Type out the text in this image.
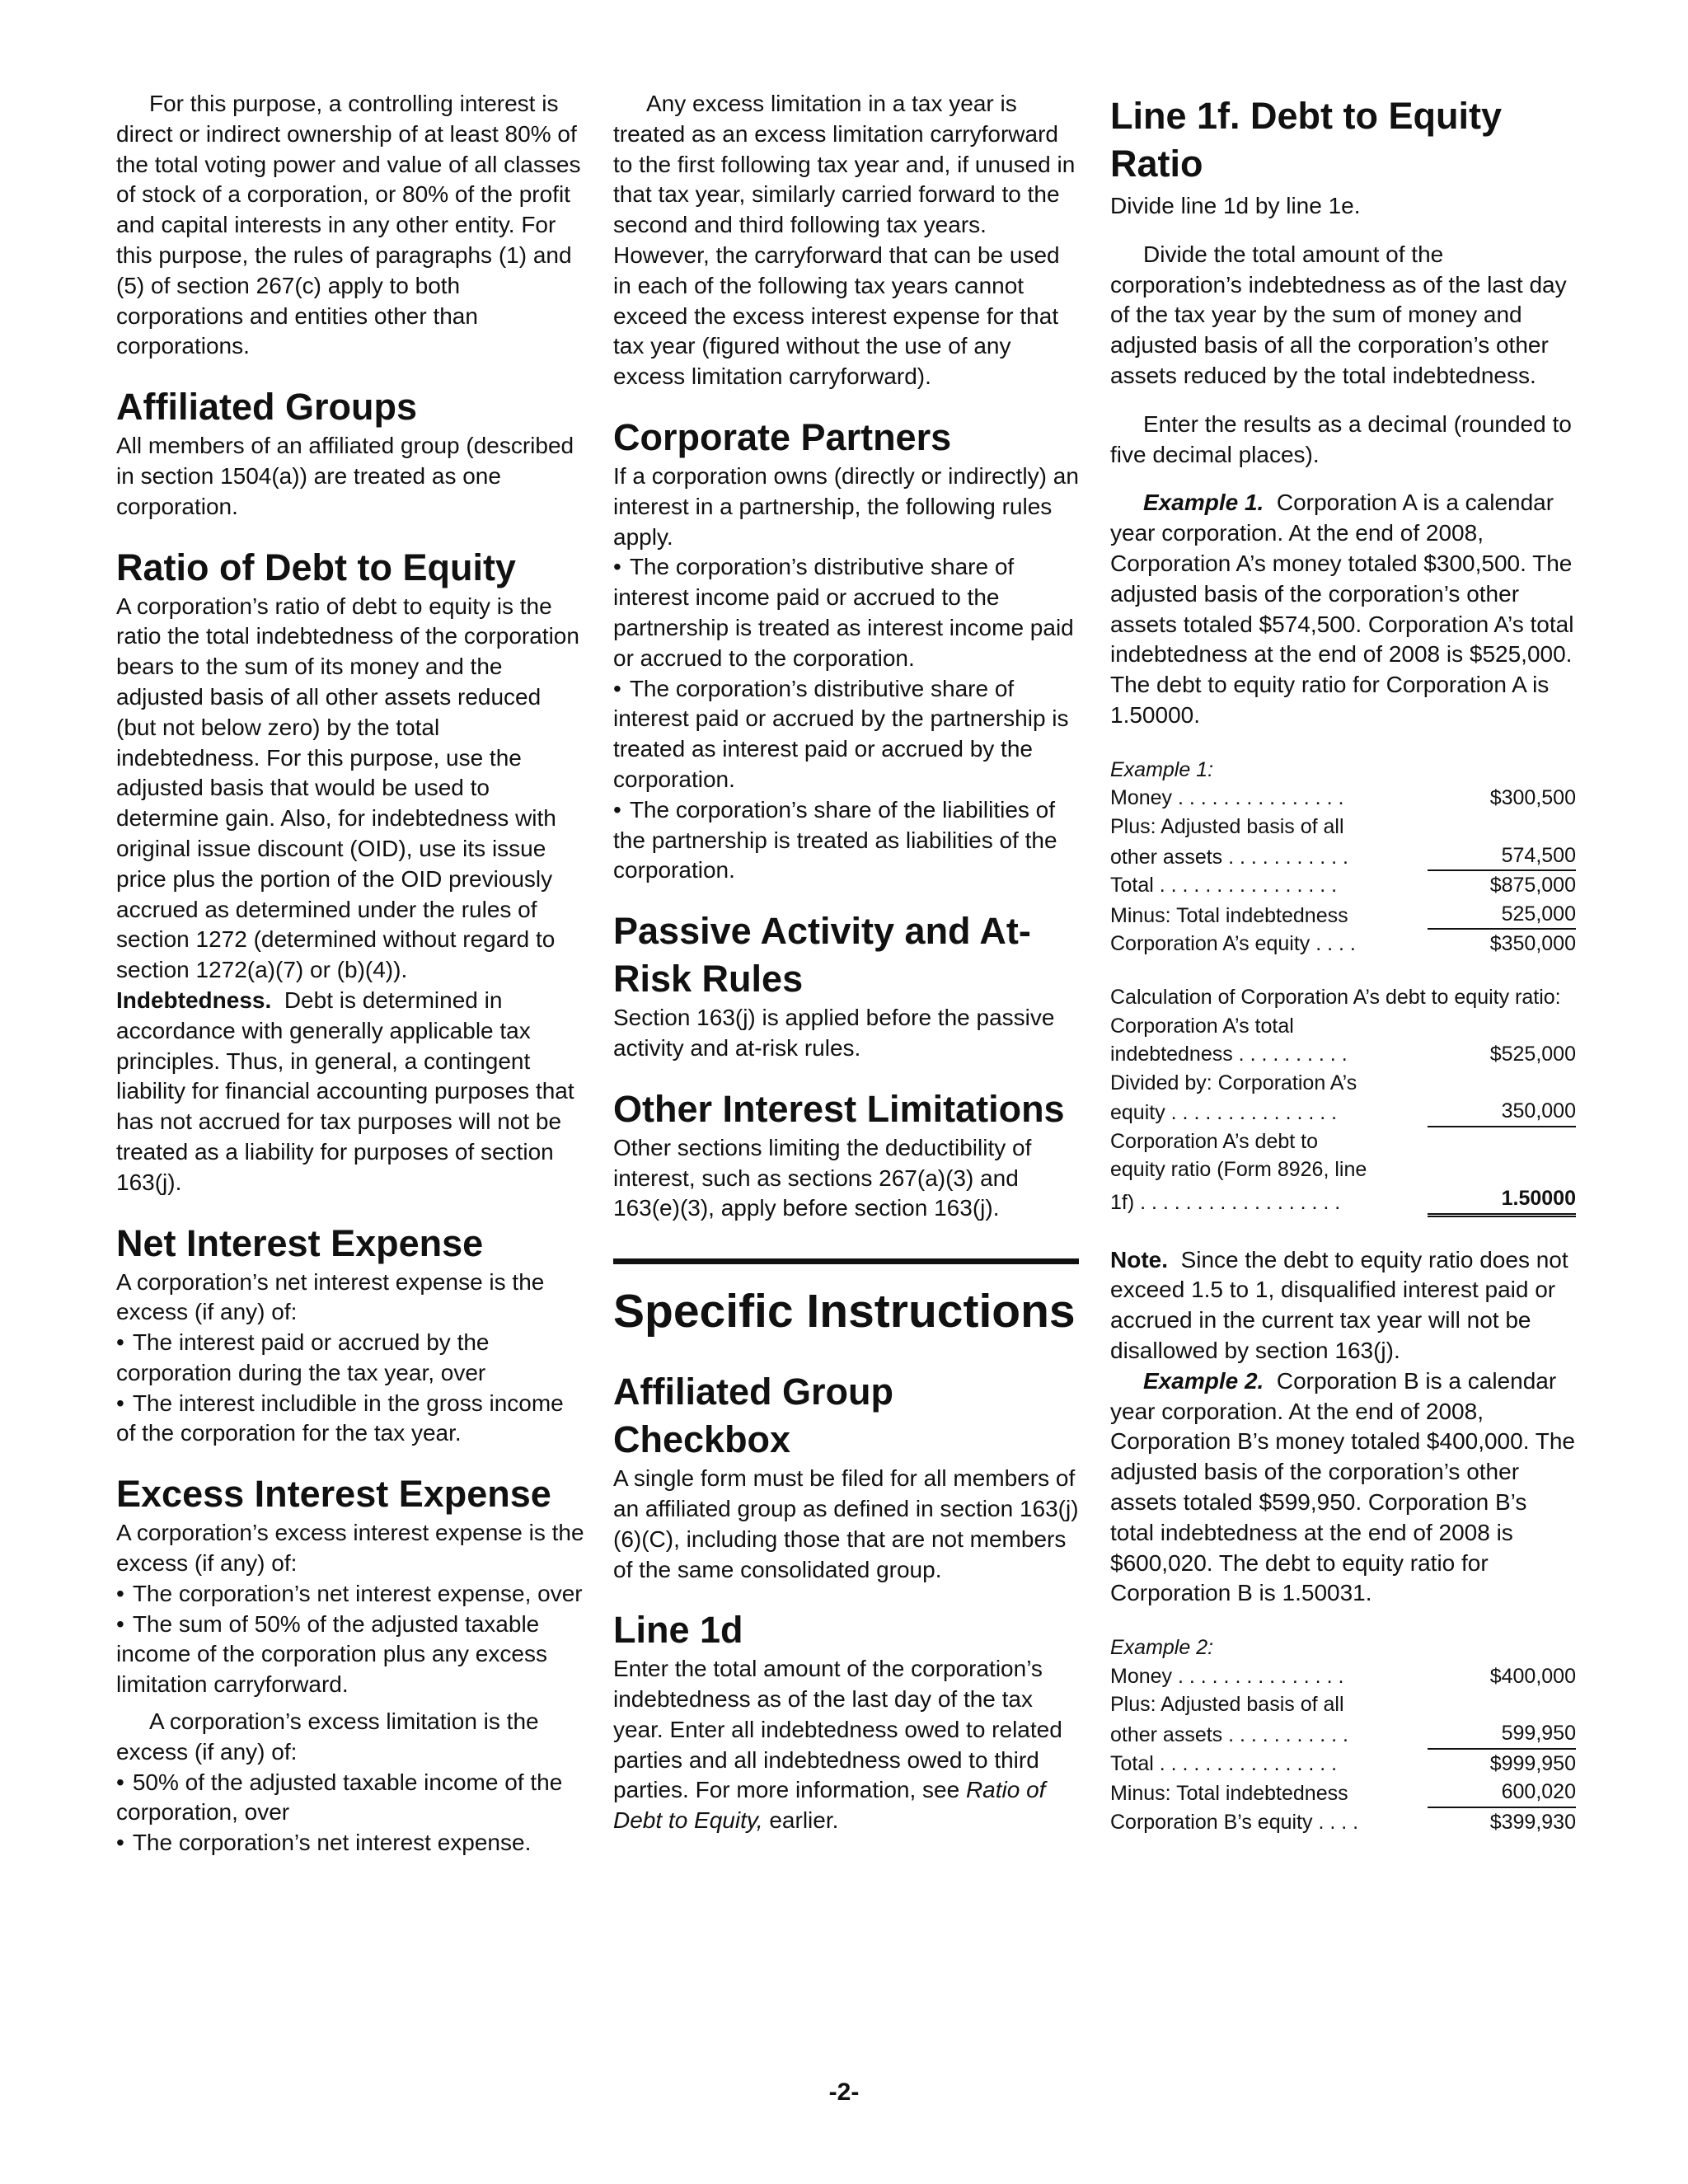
For this purpose, a controlling interest is direct or indirect ownership of at least 80% of the total voting power and value of all classes of stock of a corporation, or 80% of the profit and capital interests in any other entity. For this purpose, the rules of paragraphs (1) and (5) of section 267(c) apply to both corporations and entities other than corporations.

Affiliated Groups

All members of an affiliated group (described in section 1504(a)) are treated as one corporation.

Ratio of Debt to Equity

A corporation’s ratio of debt to equity is the ratio the total indebtedness of the corporation bears to the sum of its money and the adjusted basis of all other assets reduced (but not below zero) by the total indebtedness. For this purpose, use the adjusted basis that would be used to determine gain. Also, for indebtedness with original issue discount (OID), use its issue price plus the portion of the OID previously accrued as determined under the rules of section 1272 (determined without regard to section 1272(a)(7) or (b)(4)).

Indebtedness. Debt is determined in accordance with generally applicable tax principles. Thus, in general, a contingent liability for financial accounting purposes that has not accrued for tax purposes will not be treated as a liability for purposes of section 163(j).

Net Interest Expense

A corporation’s net interest expense is the excess (if any) of:

• The interest paid or accrued by the corporation during the tax year, over

• The interest includible in the gross income of the corporation for the tax year.

Excess Interest Expense

A corporation’s excess interest expense is the excess (if any) of:

• The corporation’s net interest expense, over

• The sum of 50% of the adjusted taxable income of the corporation plus any excess limitation carryforward.

A corporation’s excess limitation is the excess (if any) of:

• 50% of the adjusted taxable income of the corporation, over

• The corporation’s net interest expense.

Any excess limitation in a tax year is treated as an excess limitation carryforward to the first following tax year and, if unused in that tax year, similarly carried forward to the second and third following tax years. However, the carryforward that can be used in each of the following tax years cannot exceed the excess interest expense for that tax year (figured without the use of any excess limitation carryforward).

Corporate Partners

If a corporation owns (directly or indirectly) an interest in a partnership, the following rules apply.

• The corporation’s distributive share of interest income paid or accrued to the partnership is treated as interest income paid or accrued to the corporation.

• The corporation’s distributive share of interest paid or accrued by the partnership is treated as interest paid or accrued by the corporation.

• The corporation’s share of the liabilities of the partnership is treated as liabilities of the corporation.

Passive Activity and At-Risk Rules

Section 163(j) is applied before the passive activity and at-risk rules.

Other Interest Limitations

Other sections limiting the deductibility of interest, such as sections 267(a)(3) and 163(e)(3), apply before section 163(j).

Specific Instructions
Affiliated Group Checkbox

A single form must be filed for all members of an affiliated group as defined in section 163(j)(6)(C), including those that are not members of the same consolidated group.

Line 1d

Enter the total amount of the corporation’s indebtedness as of the last day of the tax year. Enter all indebtedness owed to related parties and all indebtedness owed to third parties. For more information, see Ratio of Debt to Equity, earlier.

Line 1f. Debt to Equity Ratio

Divide line 1d by line 1e.

Divide the total amount of the corporation’s indebtedness as of the last day of the tax year by the sum of money and adjusted basis of all the corporation’s other assets reduced by the total indebtedness.

Enter the results as a decimal (rounded to five decimal places).

Example 1. Corporation A is a calendar year corporation. At the end of 2008, Corporation A’s money totaled $300,500. The adjusted basis of the corporation’s other assets totaled $574,500. Corporation A’s total indebtedness at the end of 2008 is $525,000. The debt to equity ratio for Corporation A is 1.50000.

Example 1:
Money . . . . . . . . . . . . . . .	$300,500
Plus: Adjusted basis of all
other assets . . . . . . . . . . .	574,500
Total . . . . . . . . . . . . . . . .	$875,000
Minus: Total indebtedness	525,000
Corporation A’s equity . . . .	$350,000
Calculation of Corporation A’s debt to equity ratio:
Corporation A’s total
indebtedness . . . . . . . . . .	$525,000
Divided by: Corporation A’s
equity . . . . . . . . . . . . . . .	350,000
Corporation A’s debt to
equity ratio (Form 8926, line
1f) . . . . . . . . . . . . . . . . . .	1.50000

Note. Since the debt to equity ratio does not exceed 1.5 to 1, disqualified interest paid or accrued in the current tax year will not be disallowed by section 163(j).

Example 2. Corporation B is a calendar year corporation. At the end of 2008, Corporation B’s money totaled $400,000. The adjusted basis of the corporation’s other assets totaled $599,950. Corporation B’s total indebtedness at the end of 2008 is $600,020. The debt to equity ratio for Corporation B is 1.50031.

Example 2:
Money . . . . . . . . . . . . . . .	$400,000
Plus: Adjusted basis of all
other assets . . . . . . . . . . .	599,950
Total . . . . . . . . . . . . . . . .	$999,950
Minus: Total indebtedness	600,020
Corporation B’s equity . . . .	$399,930
-2-
